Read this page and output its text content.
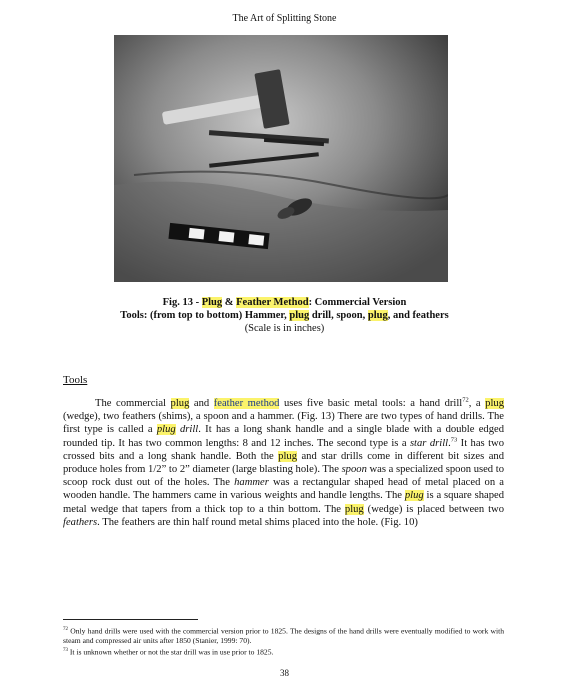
The Art of Splitting Stone
Fig. 13 - Plug & Feather Method: Commercial Version
Tools: (from top to bottom) Hammer, plug drill, spoon, plug, and feathers
(Scale is in inches)
Tools

The commercial plug and feather method uses five basic metal tools: a hand drill$^{72}$, a plug (wedge), two feathers (shims), a spoon and a hammer. (Fig. 13) There are two types of hand drills. The first type is called a plug drill. It has a long shank handle and a single blade with a double edged rounded tip. It has two common lengths: 8 and 12 inches. The second type is a star drill.$^{73}$ It has two crossed bits and a long shank handle. Both the plug and star drills come in different bit sizes and produce holes from 1/2” to 2” diameter (large blasting hole). The spoon was a specialized spoon used to scoop rock dust out of the holes. The hammer was a rectangular shaped head of metal placed on a wooden handle. The hammers came in various weights and handle lengths. The plug is a square shaped metal wedge that tapers from a thick top to a thin bottom. The plug (wedge) is placed between two feathers. The feathers are thin half round metal shims placed into the hole. (Fig. 10)

$^{72}$ Only hand drills were used with the commercial version prior to 1825. The designs of the hand drills were eventually modified to work with steam and compressed air units after 1850 (Stanier, 1999: 70).
$^{73}$ It is unknown whether or not the star drill was in use prior to 1825.
38
